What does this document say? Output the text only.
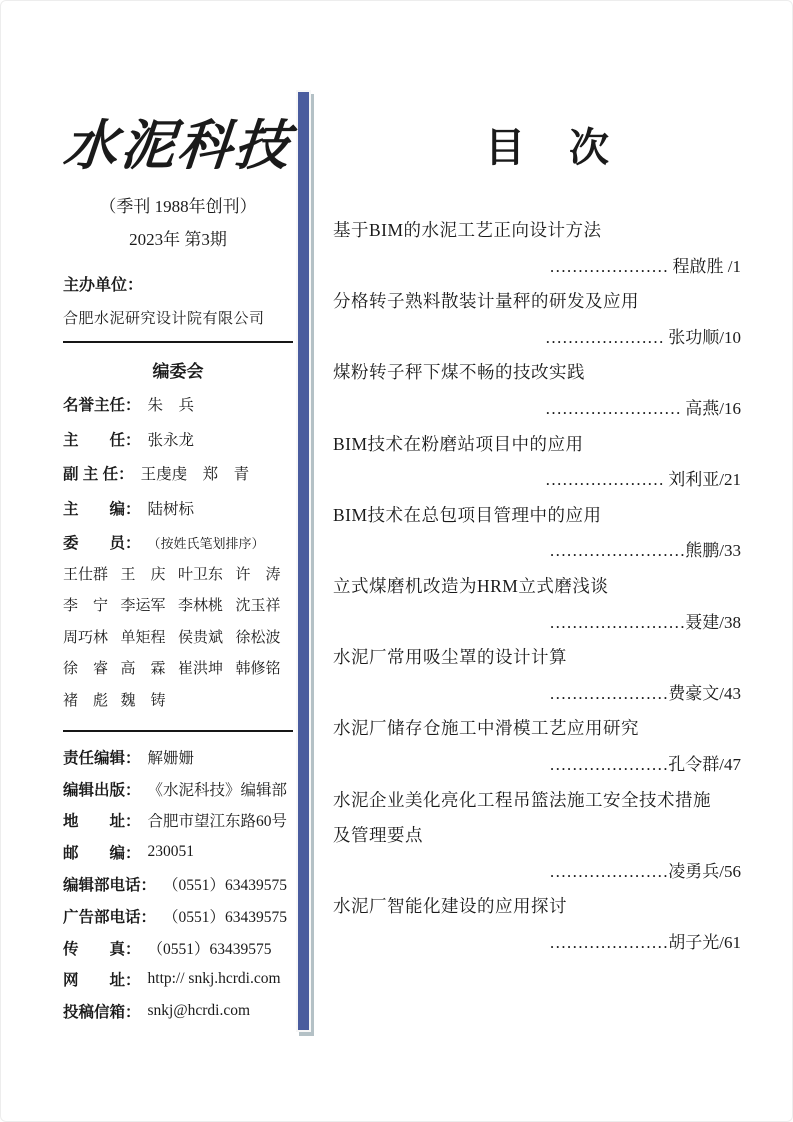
水泥科技
（季刊 1988年创刊）
2023年 第3期
主办单位：
合肥水泥研究设计院有限公司
编委会
名誉主任： 朱　兵
主　　任： 张永龙
副 主 任： 王虔虔　郑　青
主　　编： 陆树标
委　　员： （按姓氏笔划排序）
王仕群 王　庆 叶卫东 许　涛
李　宁 李运军 李林桃 沈玉祥
周巧林 单矩程 侯贵斌 徐松波
徐　睿 高　霖 崔洪坤 韩修铭
褚　彪 魏　铸
责任编辑： 解姗姗
编辑出版： 《水泥科技》编辑部
地　　址： 合肥市望江东路60号
邮　　编： 230051
编辑部电话： （0551）63439575
广告部电话： （0551）63439575
传　　真： （0551）63439575
网　　址： http:// snkj.hcrdi.com
投稿信箱： snkj@hcrdi.com
目　次
基于BIM的水泥工艺正向设计方法
………………… 程啟胜 /1
分格转子熟料散装计量秤的研发及应用
………………… 张功顺/10
煤粉转子秤下煤不畅的技改实践
…………………… 高燕/16
BIM技术在粉磨站项目中的应用
………………… 刘利亚/21
BIM技术在总包项目管理中的应用
……………………熊鹏/33
立式煤磨机改造为HRM立式磨浅谈
……………………聂建/38
水泥厂常用吸尘罩的设计计算
…………………费豪文/43
水泥厂储存仓施工中滑模工艺应用研究
…………………孔令群/47
水泥企业美化亮化工程吊篮法施工安全技术措施
及管理要点
…………………凌勇兵/56
水泥厂智能化建设的应用探讨
…………………胡子光/61
